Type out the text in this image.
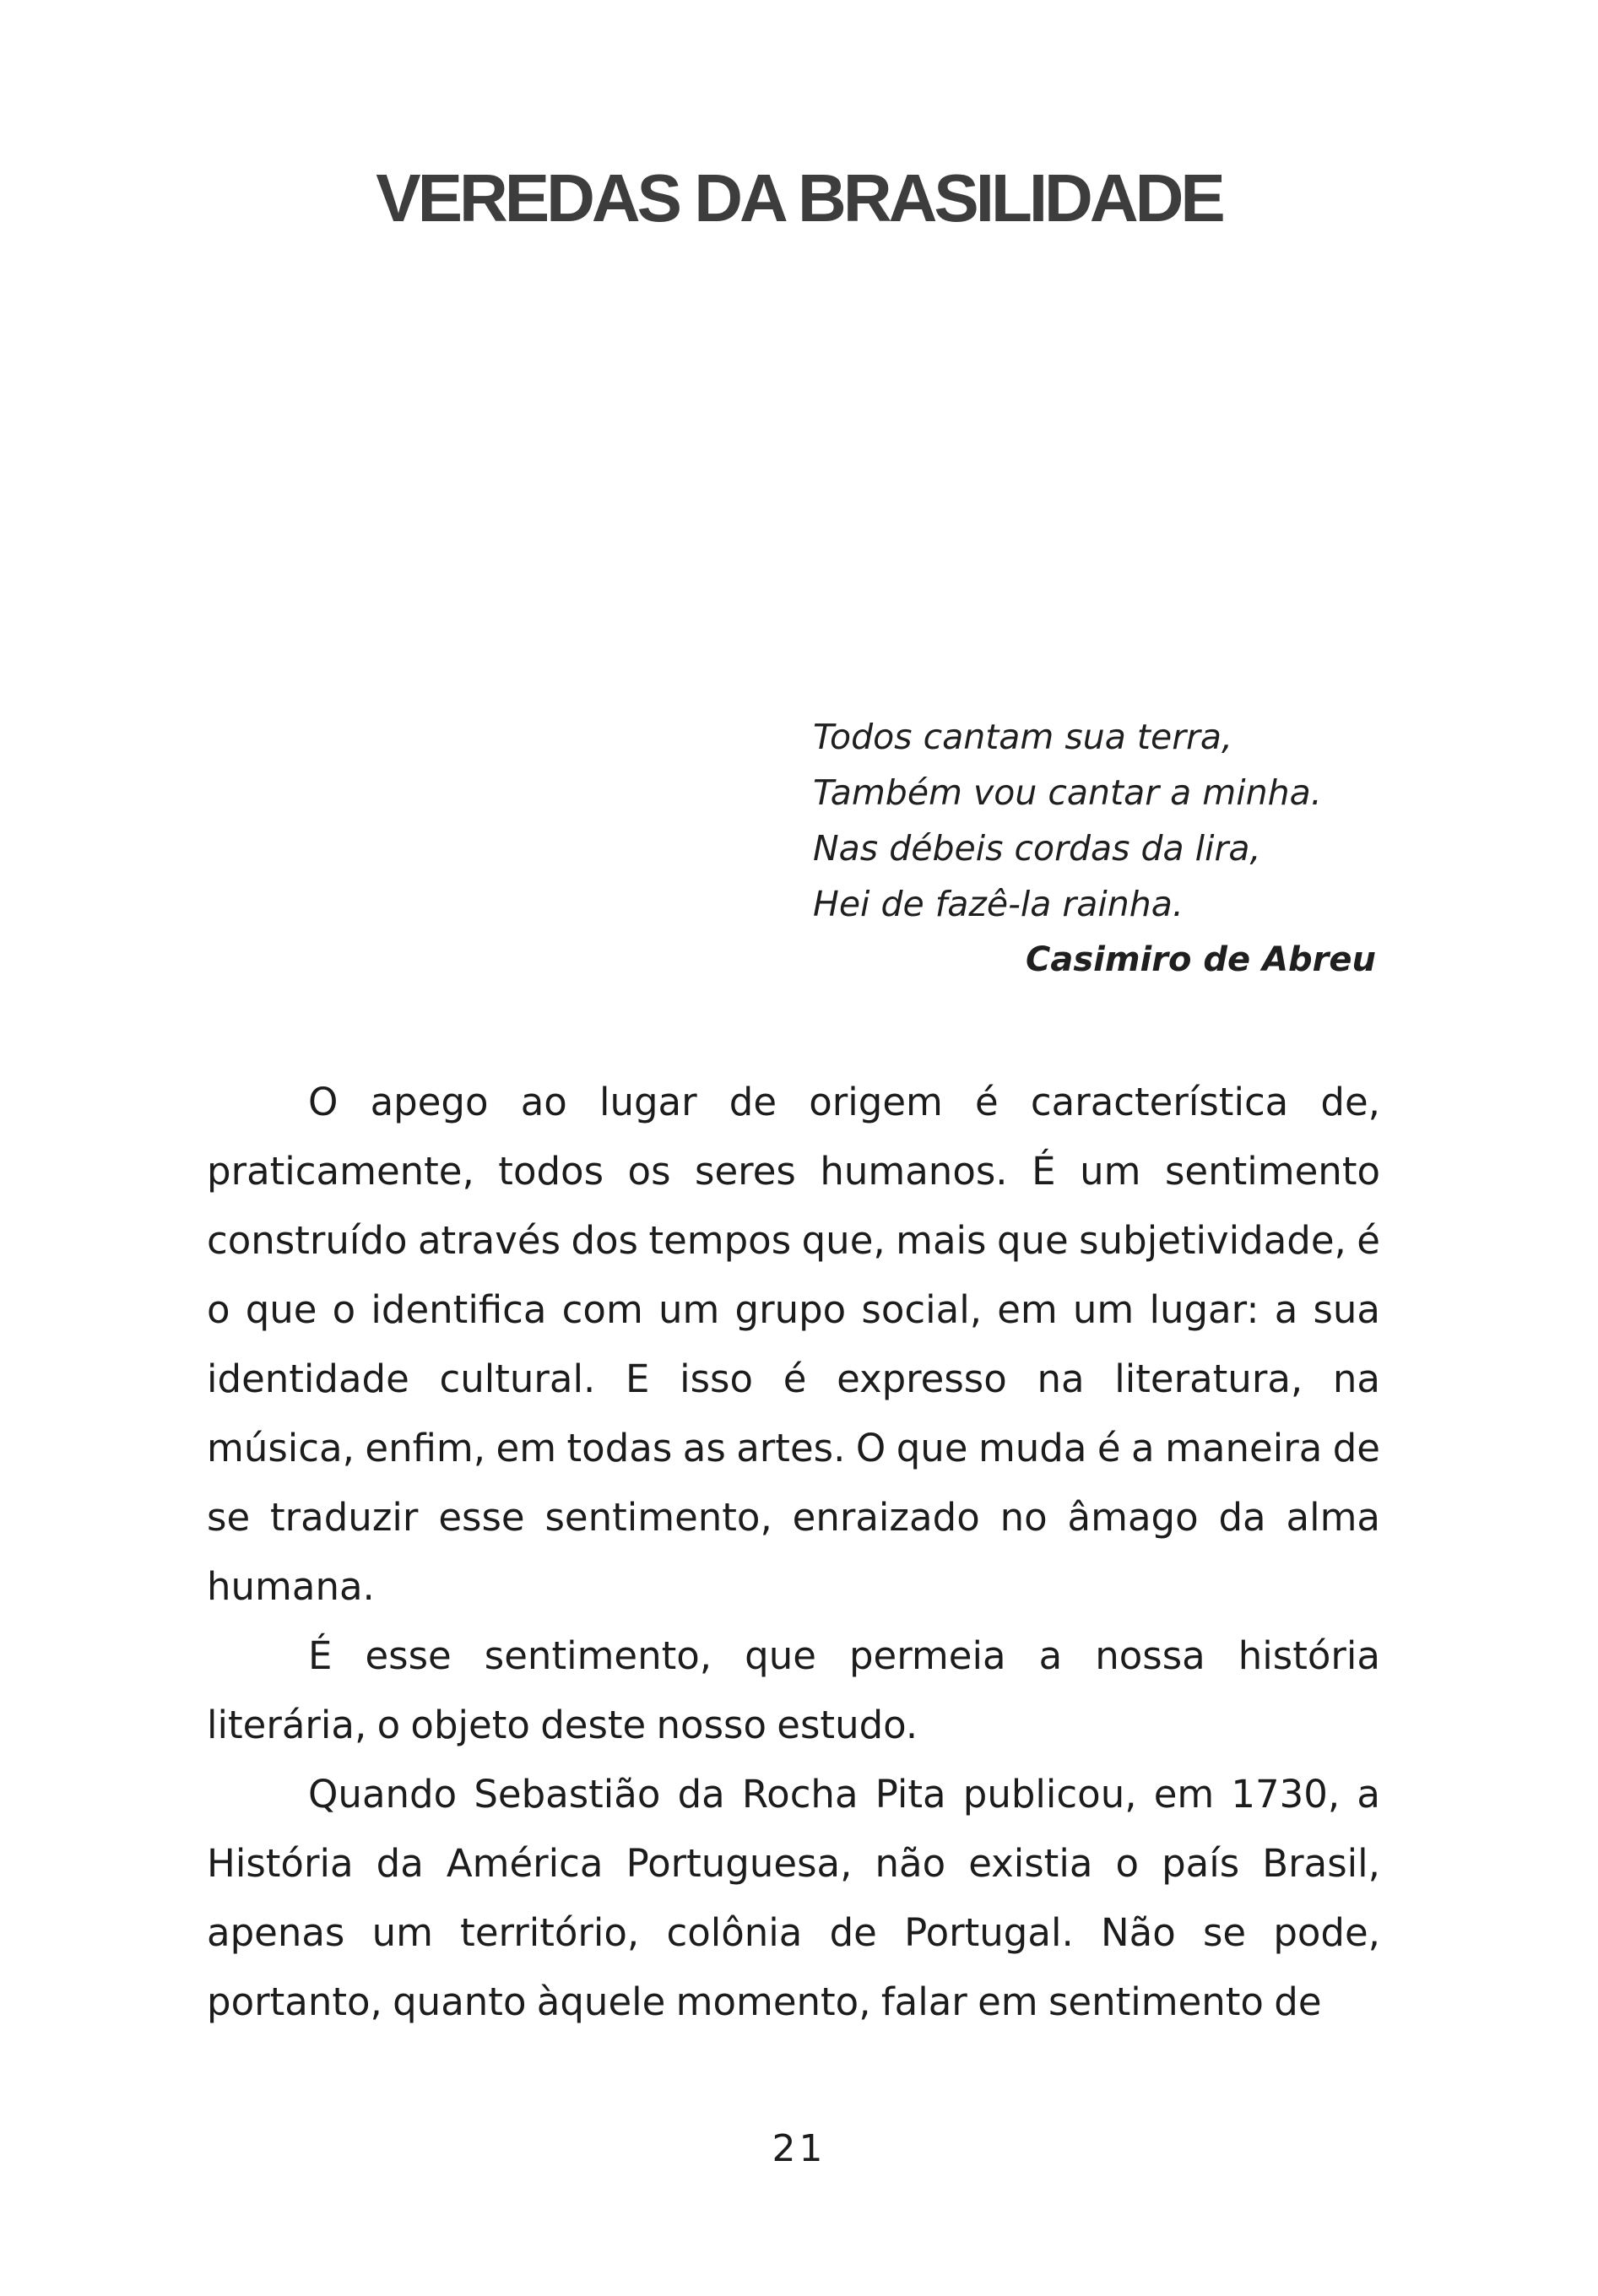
VEREDAS DA BRASILIDADE
Todos cantam sua terra,
Também vou cantar a minha.
Nas débeis cordas da lira,
Hei de fazê-la rainha.
Casimiro de Abreu

O apego ao lugar de origem é característica de, praticamente, todos os seres humanos. É um sentimento construído através dos tempos que, mais que subjetividade, é o que o identifica com um grupo social, em um lugar: a sua identidade cultural. E isso é expresso na literatura, na música, enfim, em todas as artes. O que muda é a maneira de se traduzir esse sentimento, enraizado no âmago da alma humana.

É esse sentimento, que permeia a nossa história literária, o objeto deste nosso estudo.

Quando Sebastião da Rocha Pita publicou, em 1730, a História da América Portuguesa, não existia o país Brasil, apenas um território, colônia de Portugal. Não se pode, portanto, quanto àquele momento, falar em sentimento de

21
